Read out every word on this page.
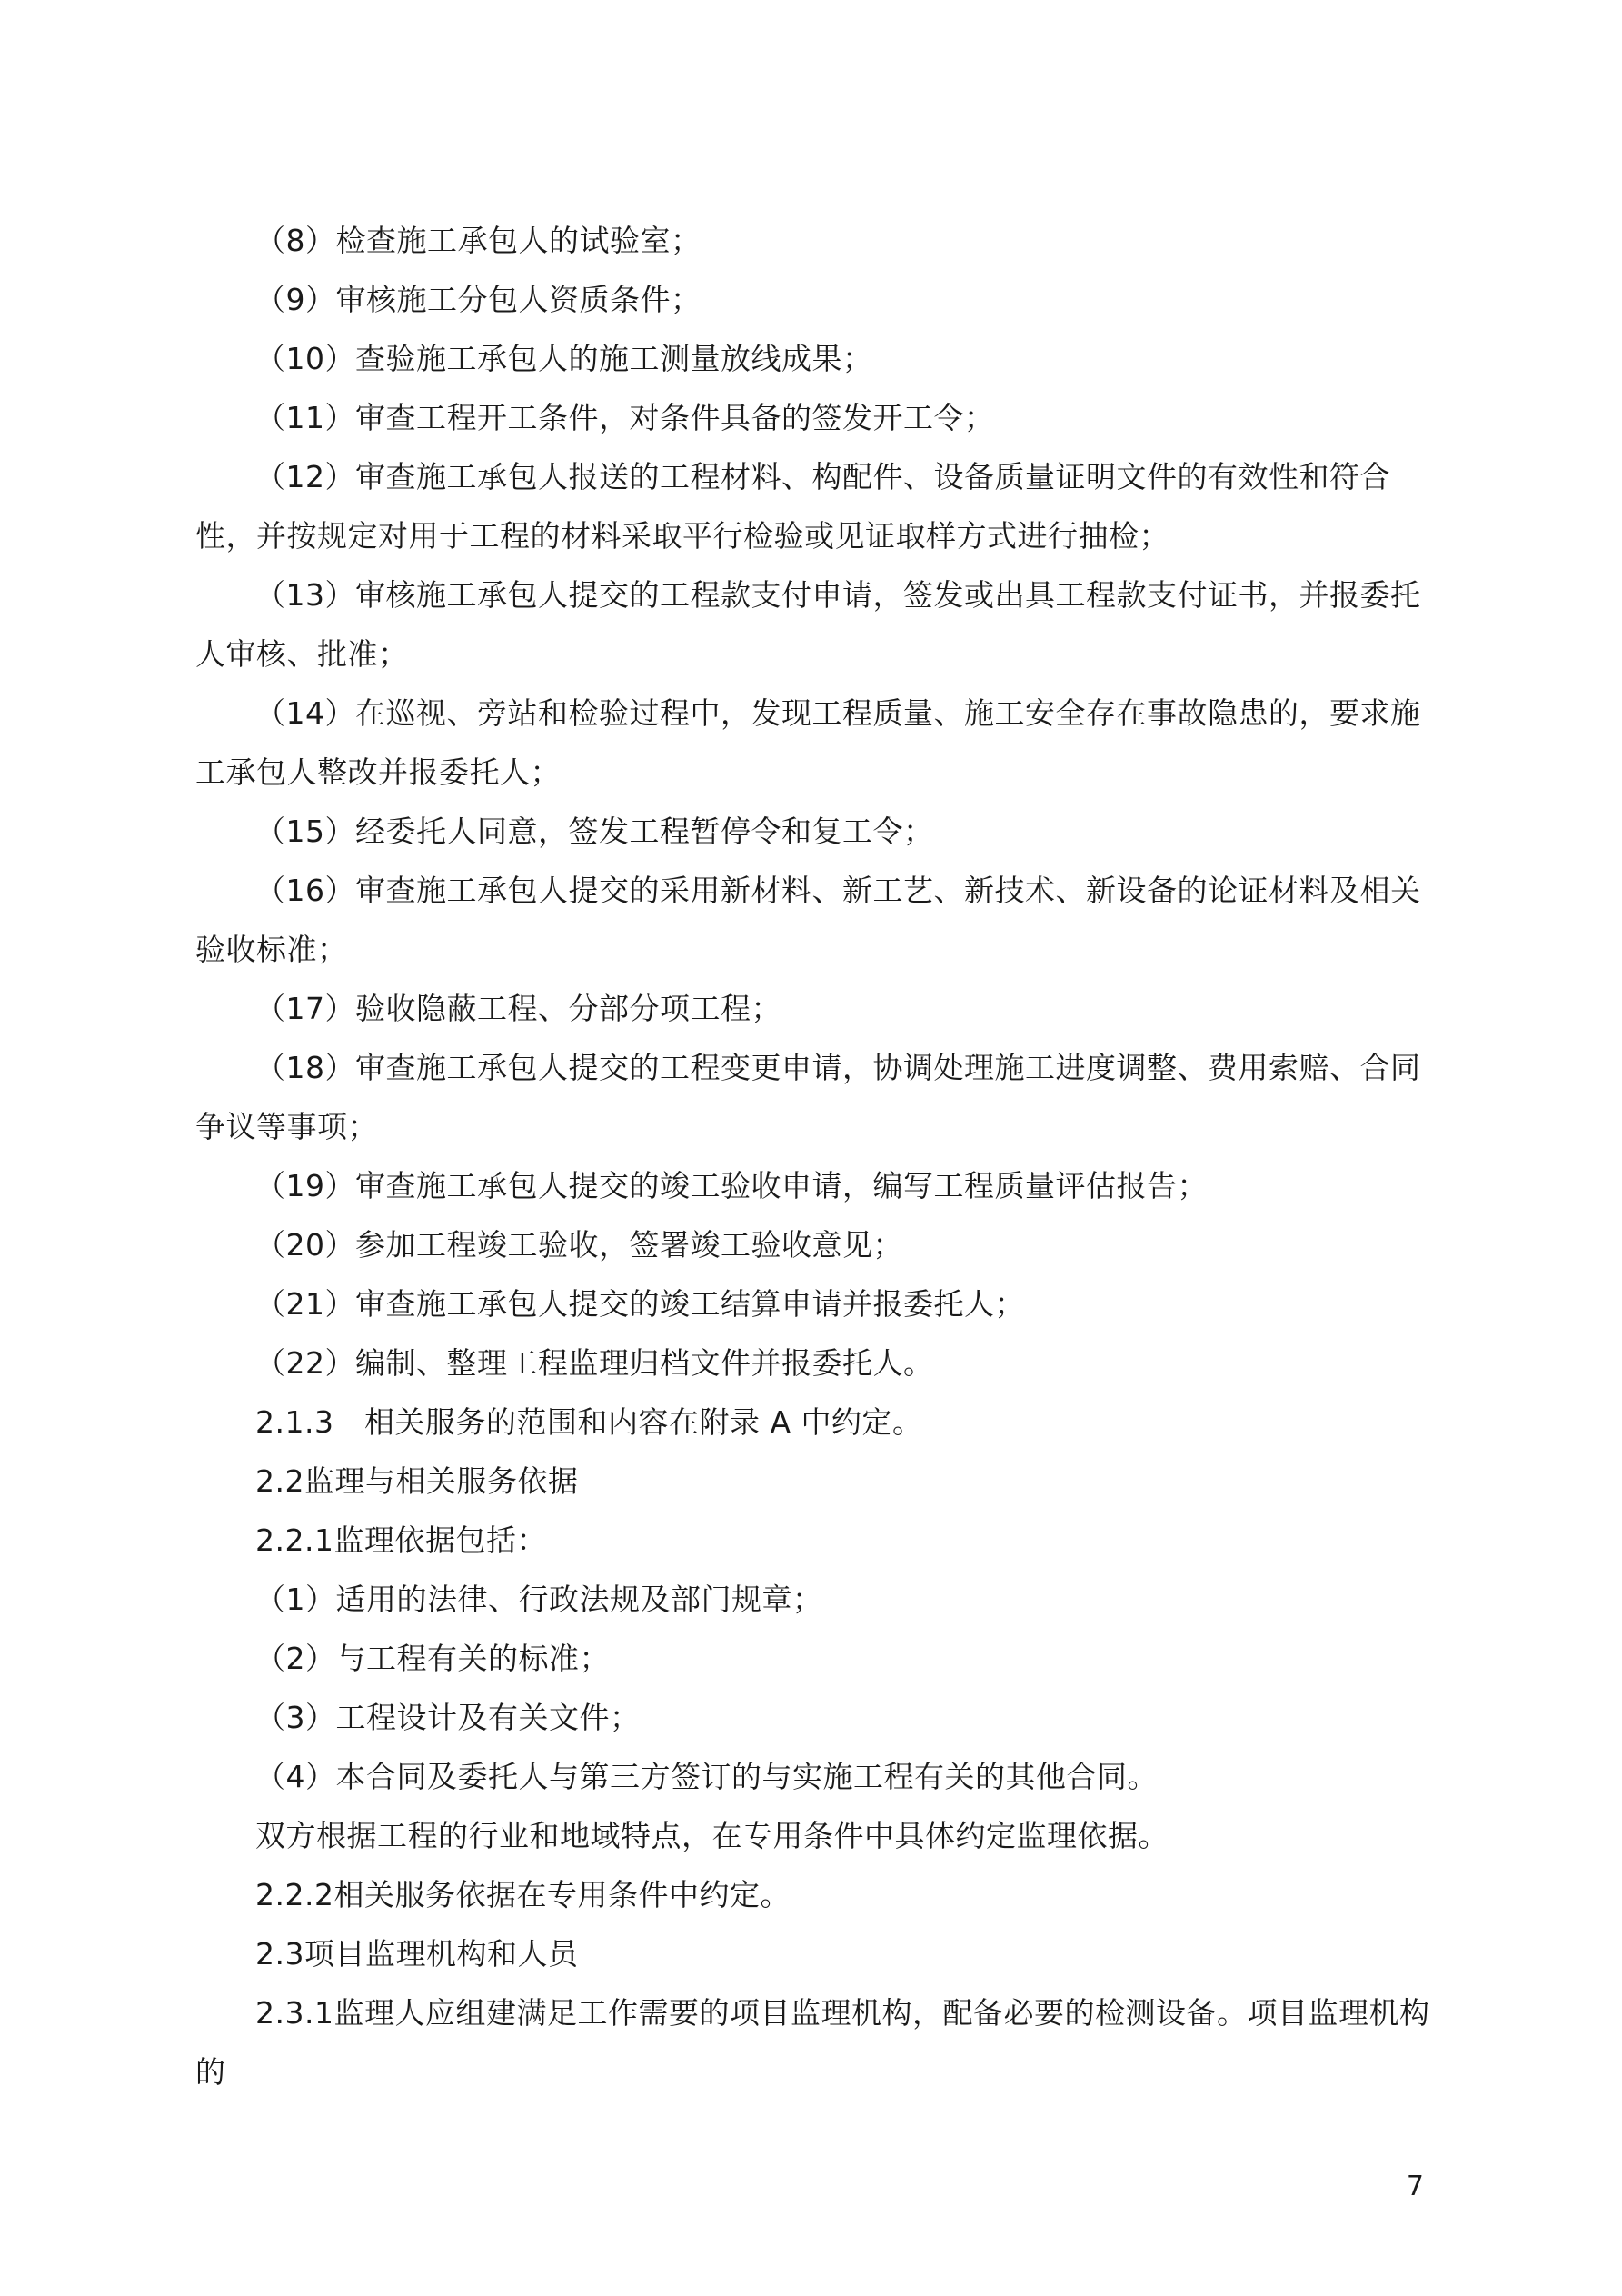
（8）检查施工承包人的试验室；

（9）审核施工分包人资质条件；

（10）查验施工承包人的施工测量放线成果；

（11）审查工程开工条件，对条件具备的签发开工令；

（12）审查施工承包人报送的工程材料、构配件、设备质量证明文件的有效性和符合性，并按规定对用于工程的材料采取平行检验或见证取样方式进行抽检；

（13）审核施工承包人提交的工程款支付申请，签发或出具工程款支付证书，并报委托人审核、批准；

（14）在巡视、旁站和检验过程中，发现工程质量、施工安全存在事故隐患的，要求施工承包人整改并报委托人；

（15）经委托人同意，签发工程暂停令和复工令；

（16）审查施工承包人提交的采用新材料、新工艺、新技术、新设备的论证材料及相关验收标准；

（17）验收隐蔽工程、分部分项工程；

（18）审查施工承包人提交的工程变更申请，协调处理施工进度调整、费用索赔、合同争议等事项；

（19）审查施工承包人提交的竣工验收申请，编写工程质量评估报告；

（20）参加工程竣工验收，签署竣工验收意见；

（21）审查施工承包人提交的竣工结算申请并报委托人；

（22）编制、整理工程监理归档文件并报委托人。

2.1.3　相关服务的范围和内容在附录 A 中约定。

2.2监理与相关服务依据

2.2.1监理依据包括：

（1）适用的法律、行政法规及部门规章；

（2）与工程有关的标准；

（3）工程设计及有关文件；

（4）本合同及委托人与第三方签订的与实施工程有关的其他合同。

双方根据工程的行业和地域特点，在专用条件中具体约定监理依据。

2.2.2相关服务依据在专用条件中约定。

2.3项目监理机构和人员

2.3.1监理人应组建满足工作需要的项目监理机构，配备必要的检测设备。项目监理机构的

7
